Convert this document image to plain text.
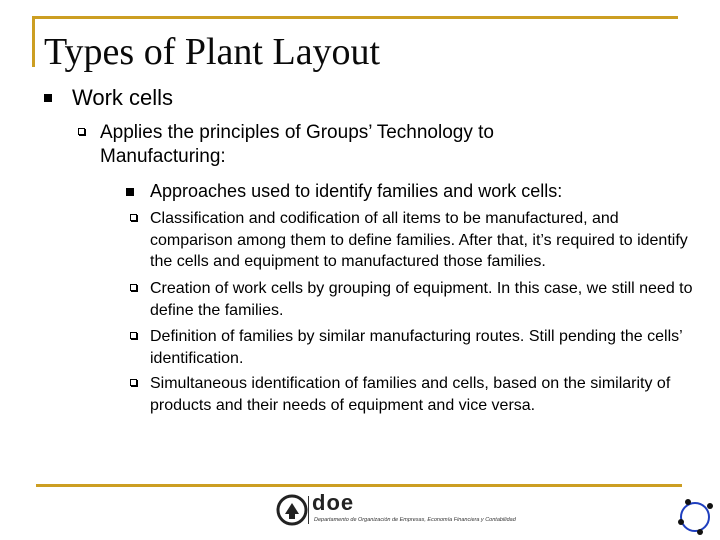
Types of Plant Layout

Work cells

Applies the principles of Groups’ Technology to Manufacturing:

Approaches used to identify families and work cells:

Classification and codification of all items to be manufactured, and comparison among them to define families. After that, it’s required to identify the cells and equipment to manufactured those families.

Creation of work cells by grouping of equipment. In this case, we still need to define the families.

Definition of families by similar manufacturing routes. Still pending the cells’ identification.

Simultaneous identification of families and cells, based on the similarity of products and their needs of equipment and vice versa.

doe
Departamento de Organización de Empresas, Economía Financiera y Contabilidad
